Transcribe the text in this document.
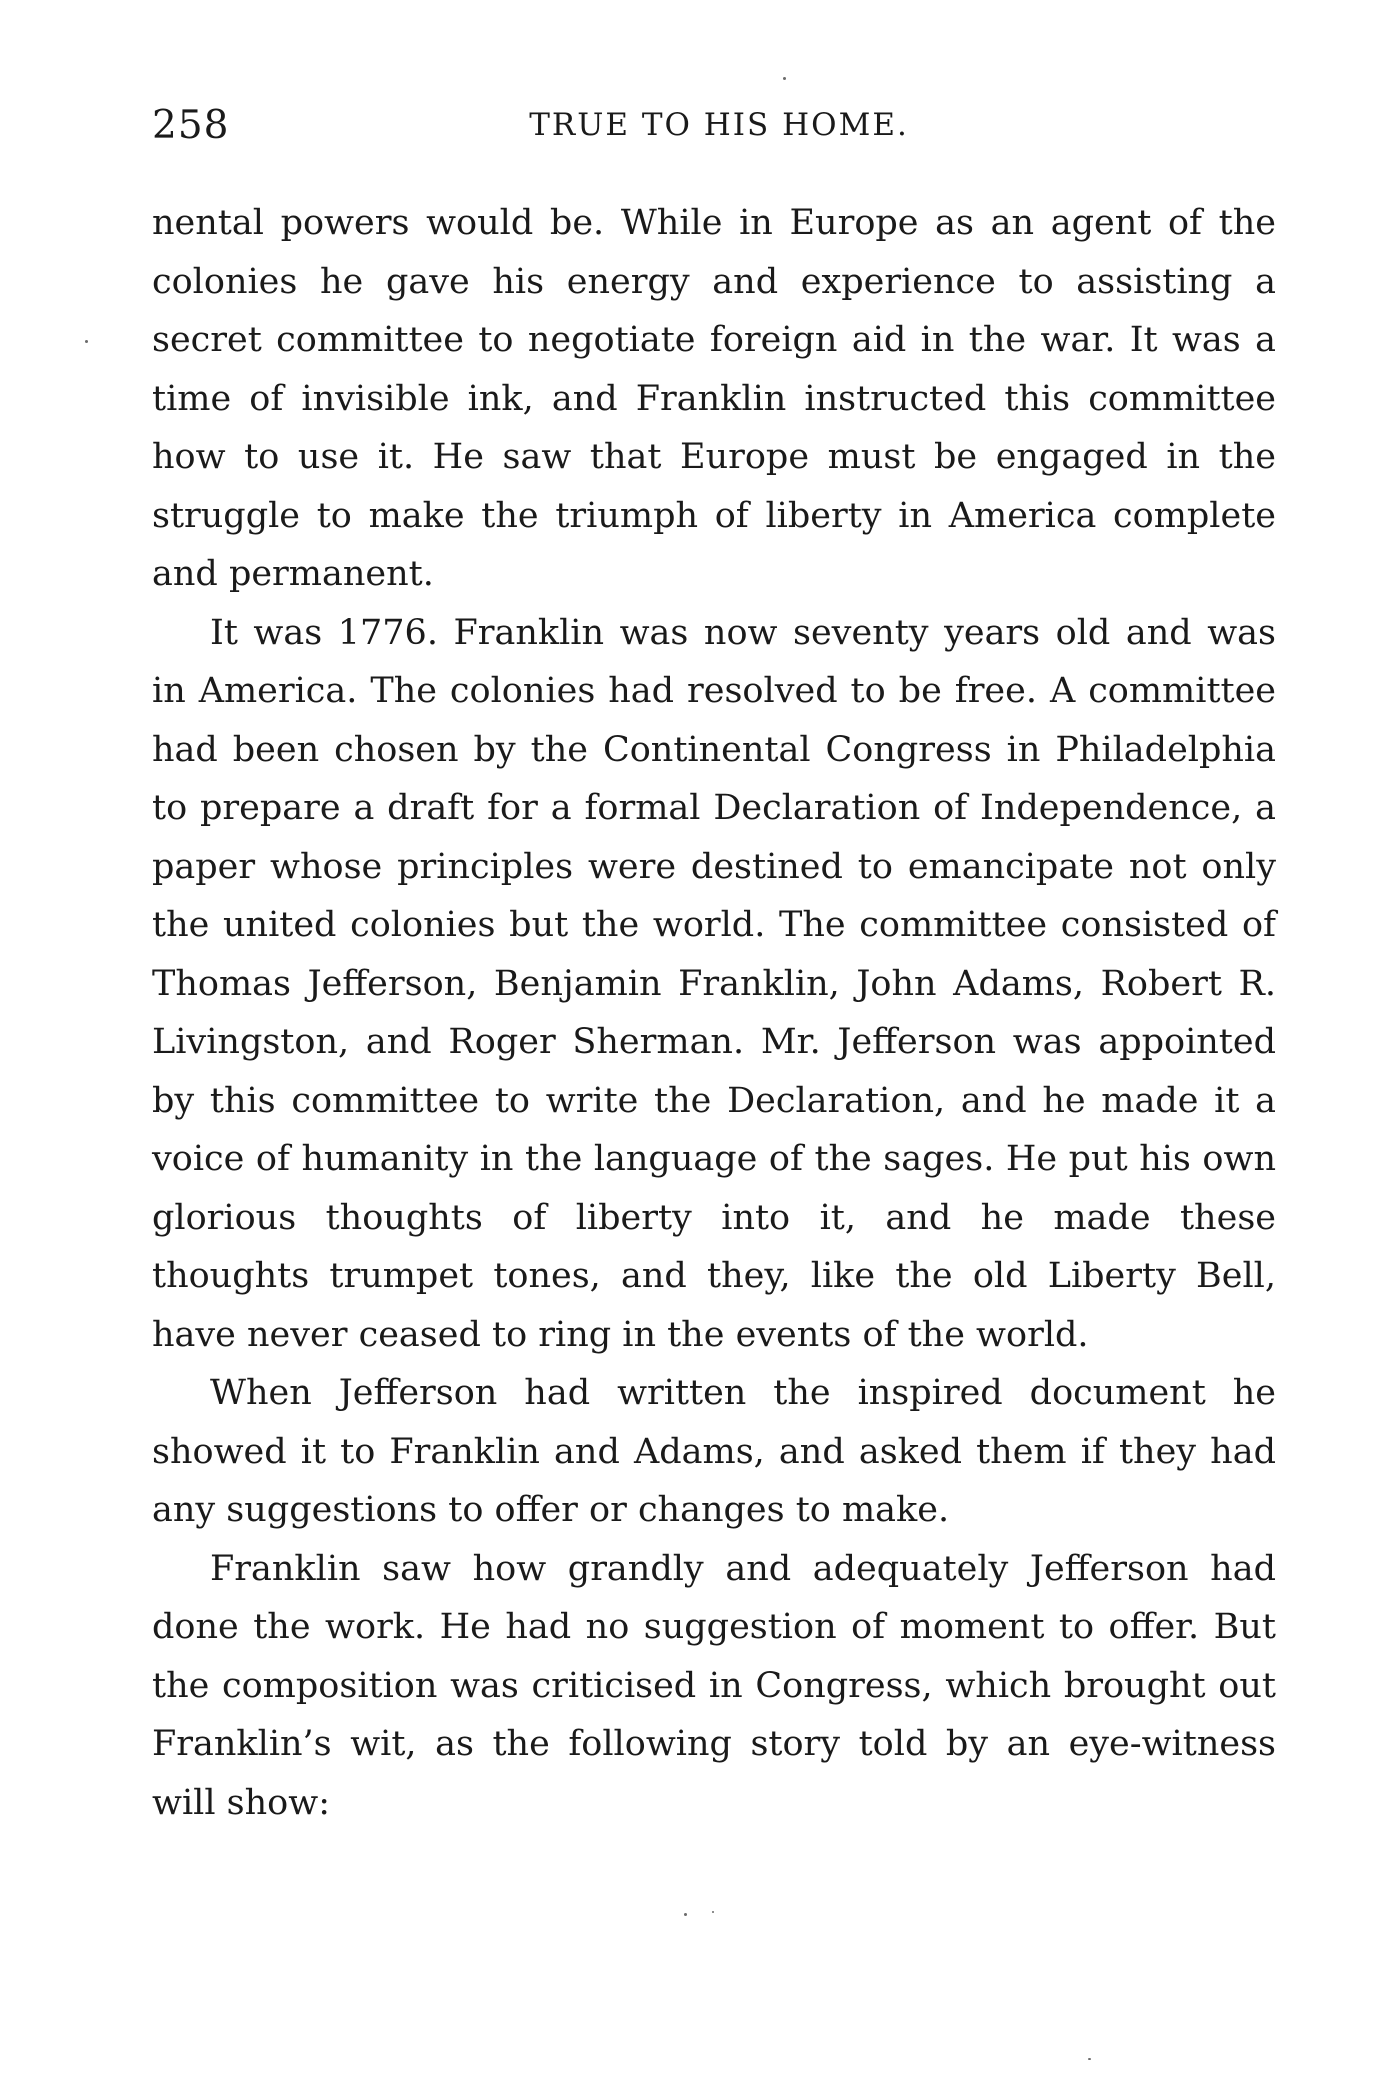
258	TRUE TO HIS HOME.

nental powers would be. While in Europe as an agent of the colonies he gave his energy and experience to assisting a secret committee to negotiate foreign aid in the war. It was a time of invisible ink, and Franklin instructed this committee how to use it. He saw that Europe must be engaged in the struggle to make the triumph of liberty in America complete and permanent.

It was 1776. Franklin was now seventy years old and was in America. The colonies had resolved to be free. A committee had been chosen by the Continental Congress in Philadelphia to prepare a draft for a formal Declaration of Independence, a paper whose principles were destined to emancipate not only the united colonies but the world. The committee consisted of Thomas Jefferson, Benjamin Franklin, John Adams, Robert R. Livingston, and Roger Sherman. Mr. Jefferson was appointed by this committee to write the Declaration, and he made it a voice of humanity in the language of the sages. He put his own glorious thoughts of liberty into it, and he made these thoughts trumpet tones, and they, like the old Liberty Bell, have never ceased to ring in the events of the world.

When Jefferson had written the inspired document he showed it to Franklin and Adams, and asked them if they had any suggestions to offer or changes to make.

Franklin saw how grandly and adequately Jefferson had done the work. He had no suggestion of moment to offer. But the composition was criticised in Congress, which brought out Franklin’s wit, as the following story told by an eye-witness will show:
